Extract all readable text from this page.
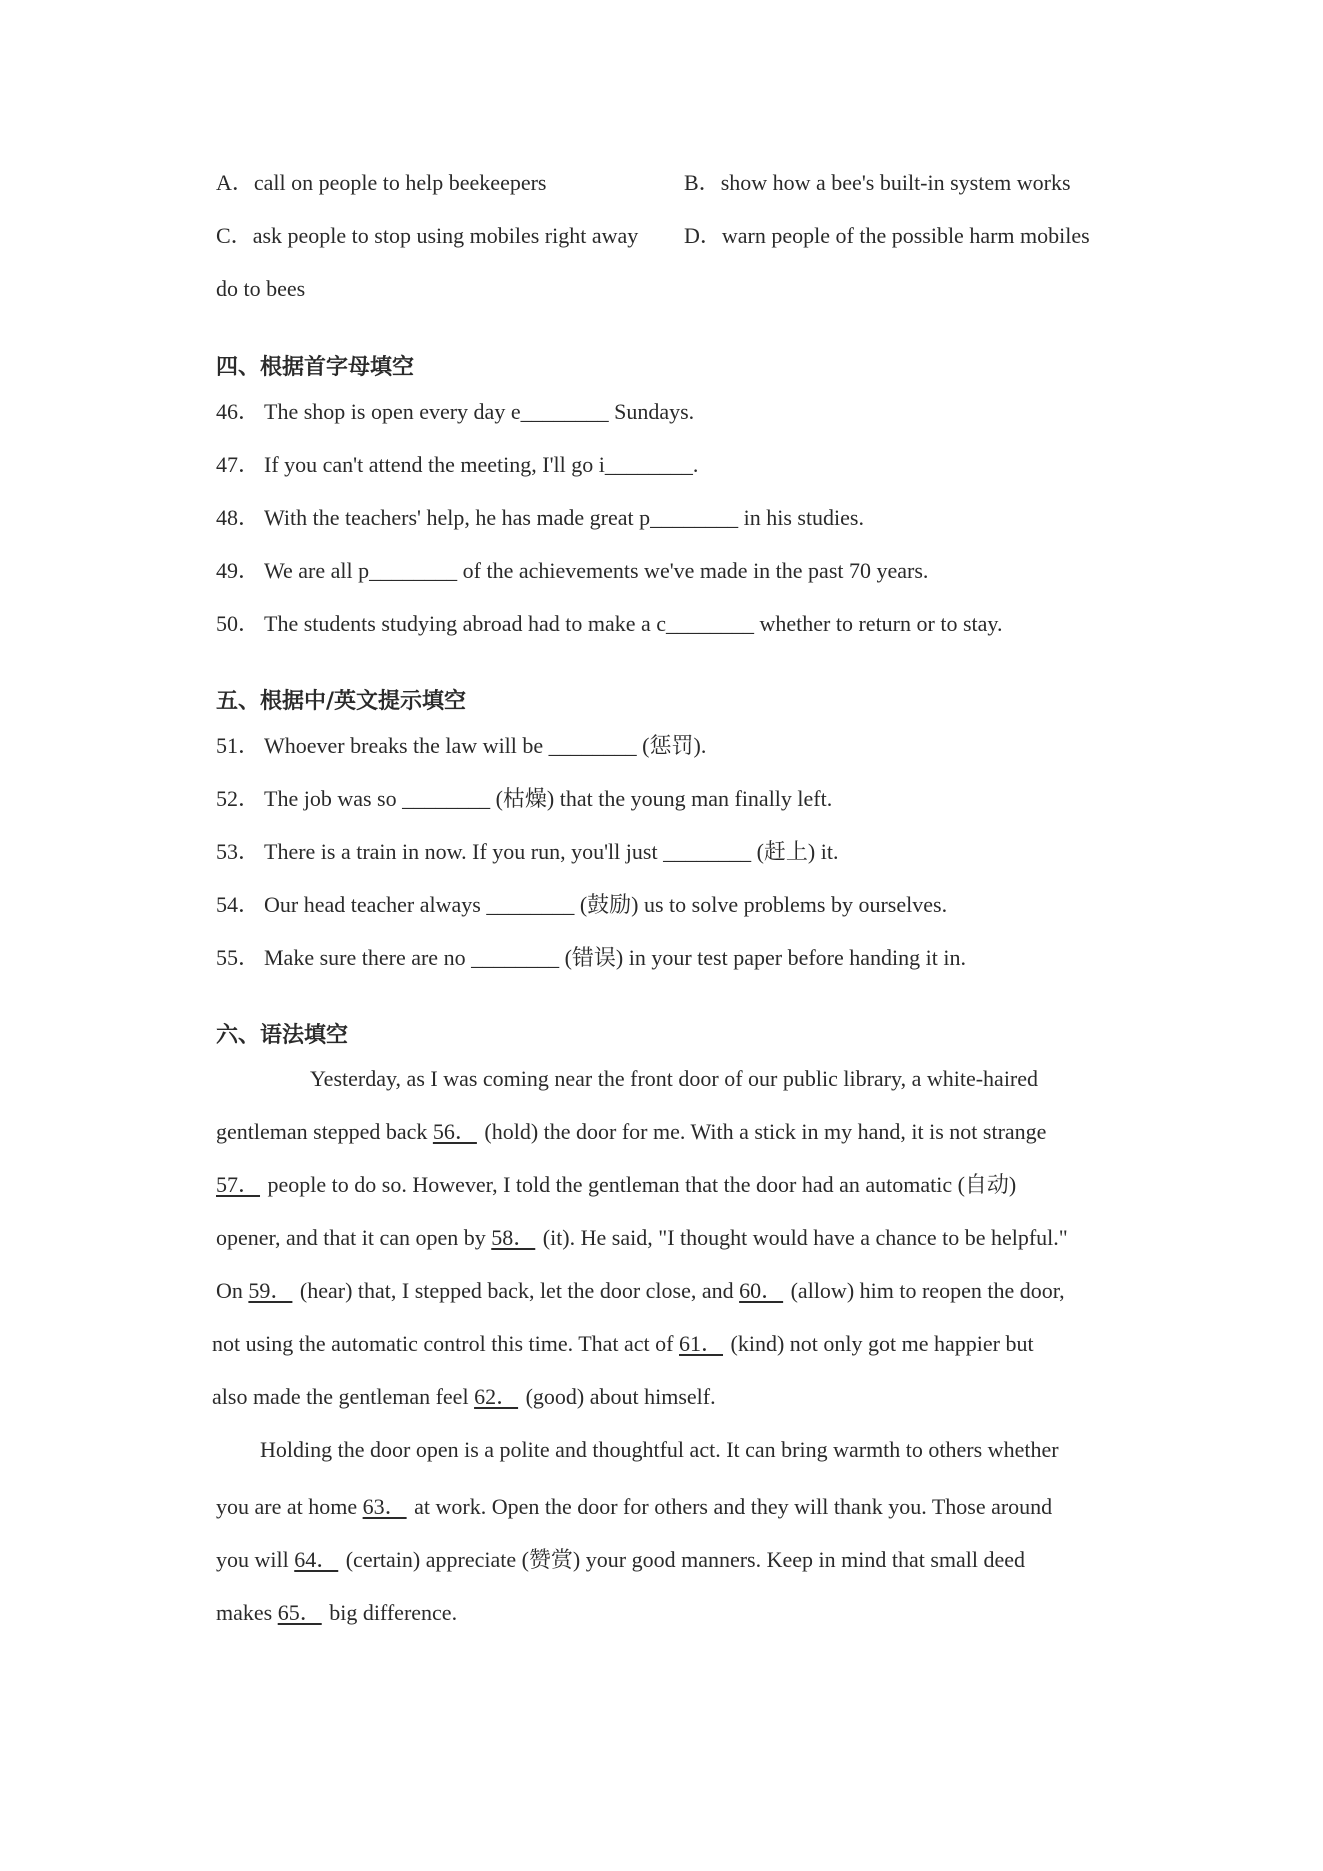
A．call on people to help beekeepers	B．show how a bee's built-in system works
C．ask people to stop using mobiles right away D．warn people of the possible harm mobiles
do to bees
四、根据首字母填空
46． The shop is open every day e________ Sundays.
47． If you can't attend the meeting, I'll go i________.
48． With the teachers' help, he has made great p________ in his studies.
49． We are all p________ of the achievements we've made in the past 70 years.
50． The students studying abroad had to make a c________ whether to return or to stay.
五、根据中/英文提示填空
51． Whoever breaks the law will be ________ (惩罚).
52． The job was so ________ (枯燥) that the young man finally left.
53． There is a train in now. If you run, you'll just ________ (赶上) it.
54． Our head teacher always ________ (鼓励) us to solve problems by ourselves.
55． Make sure there are no ________ (错误) in your test paper before handing it in.
六、语法填空
Yesterday, as I was coming near the front door of our public library, a white-haired
gentleman stepped back 56． (hold) the door for me. With a stick in my hand, it is not strange
57． people to do so. However, I told the gentleman that the door had an automatic (自动)
opener, and that it can open by 58． (it). He said, "I thought would have a chance to be helpful."
On 59． (hear) that, I stepped back, let the door close, and 60． (allow) him to reopen the door,
not using the automatic control this time. That act of 61． (kind) not only got me happier but
also made the gentleman feel 62． (good) about himself.
Holding the door open is a polite and thoughtful act. It can bring warmth to others whether
you are at home 63． at work. Open the door for others and they will thank you. Those around
you will 64． (certain) appreciate (赞赏) your good manners. Keep in mind that small deed
makes 65． big difference.
